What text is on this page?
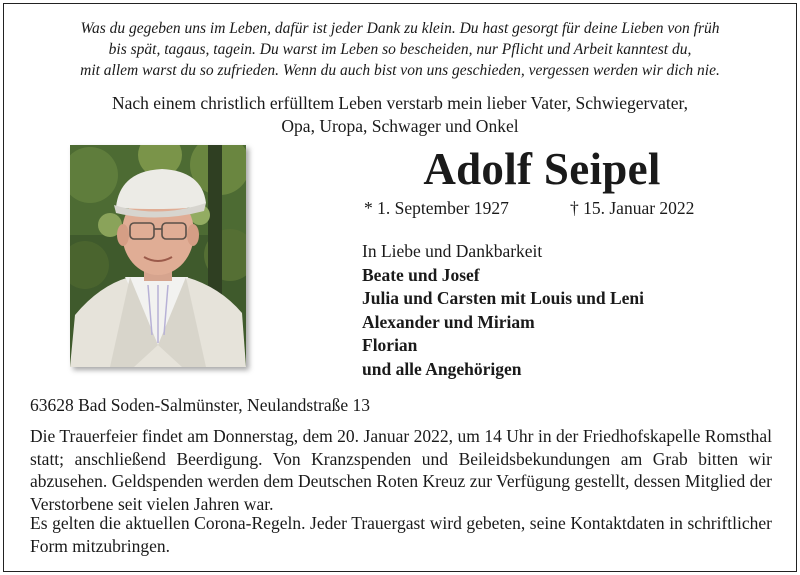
Was du gegeben uns im Leben, dafür ist jeder Dank zu klein. Du hast gesorgt für deine Lieben von früh
bis spät, tagaus, tagein. Du warst im Leben so bescheiden, nur Pflicht und Arbeit kanntest du,
mit allem warst du so zufrieden. Wenn du auch bist von uns geschieden, vergessen werden wir dich nie.
Nach einem christlich erfülltem Leben verstarb mein lieber Vater, Schwiegervater,
Opa, Uropa, Schwager und Onkel
Adolf Seipel
* 1. September 1927	† 15. Januar 2022
In Liebe und Dankbarkeit
Beate und Josef
Julia und Carsten mit Louis und Leni
Alexander und Miriam
Florian
und alle Angehörigen
63628 Bad Soden-Salmünster, Neulandstraße 13
Die Trauerfeier findet am Donnerstag, dem 20. Januar 2022, um 14 Uhr in der Friedhofskapelle Romsthal statt; anschließend Beerdigung. Von Kranzspenden und Beileidsbekundungen am Grab bitten wir abzusehen. Geldspenden werden dem Deutschen Roten Kreuz zur Verfügung gestellt, dessen Mitglied der Verstorbene seit vielen Jahren war.
Es gelten die aktuellen Corona-Regeln. Jeder Trauergast wird gebeten, seine Kontaktdaten in schriftlicher Form mitzubringen.
